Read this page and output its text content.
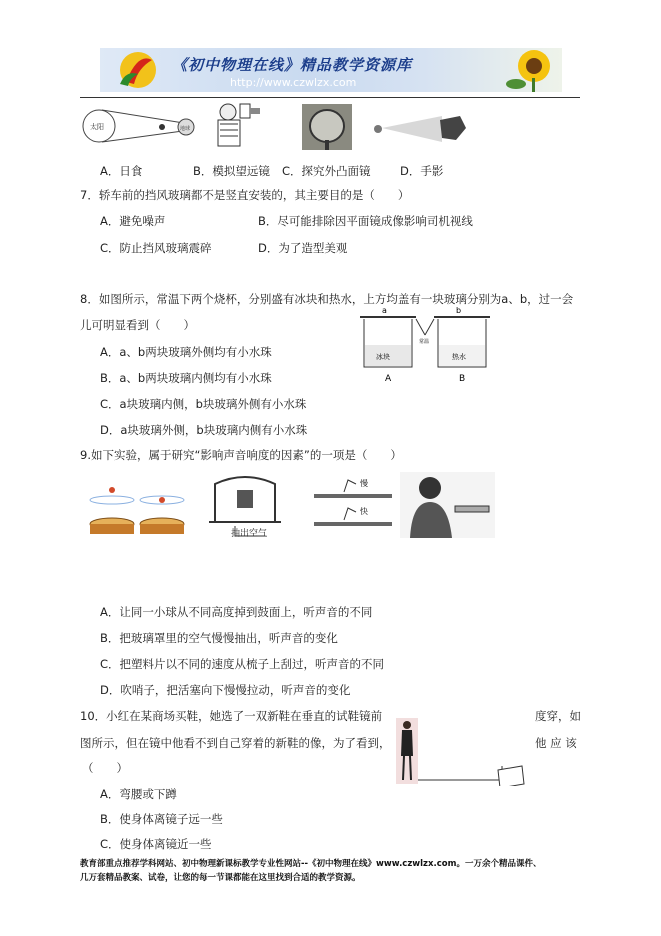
《初中物理在线》精品教学资源库
http://www.czwlzx.com
太阳	地球
A．日食	B．模拟望远镜 C．探究外凸面镜	D．手影
7．轿车前的挡风玻璃都不是竖直安装的，其主要目的是（　　）
A．避免噪声	B．尽可能排除因平面镜成像影响司机视线
C．防止挡风玻璃震碎	D．为了造型美观
8．如图所示，常温下两个烧杯，分别盛有冰块和热水，上方均盖有一块玻璃分别为a、b，过一会
儿可明显看到（　　）
A．a、b两块玻璃外侧均有小水珠
B．a、b两块玻璃内侧均有小水珠
C．a块玻璃内侧，b块玻璃外侧有小水珠
D．a块玻璃外侧，b块玻璃内侧有小水珠
a	b
冰块	热水
常温
A	B
9.如下实验，属于研究“影响声音响度的因素”的一项是（　　）
抽出空气
慢
快
A．让同一小球从不同高度掉到鼓面上，听声音的不同
B．把玻璃罩里的空气慢慢抽出，听声音的变化
C．把塑料片以不同的速度从梳子上刮过，听声音的不同
D．吹哨子，把活塞向下慢慢拉动，听声音的变化
10．小红在某商场买鞋，她选了一双新鞋在垂直的试鞋镜前	度穿，如
图所示，但在镜中他看不到自己穿着的新鞋的像，为了看到，	他 应 该
（　　）
A．弯腰或下蹲
B．使身体离镜子远一些
C．使身体离镜近一些
教育部重点推荐学科网站、初中物理新课标教学专业性网站--《初中物理在线》www.czwlzx.com。一万余个精品课件、
几万套精品教案、试卷，让您的每一节课都能在这里找到合适的教学资源。
